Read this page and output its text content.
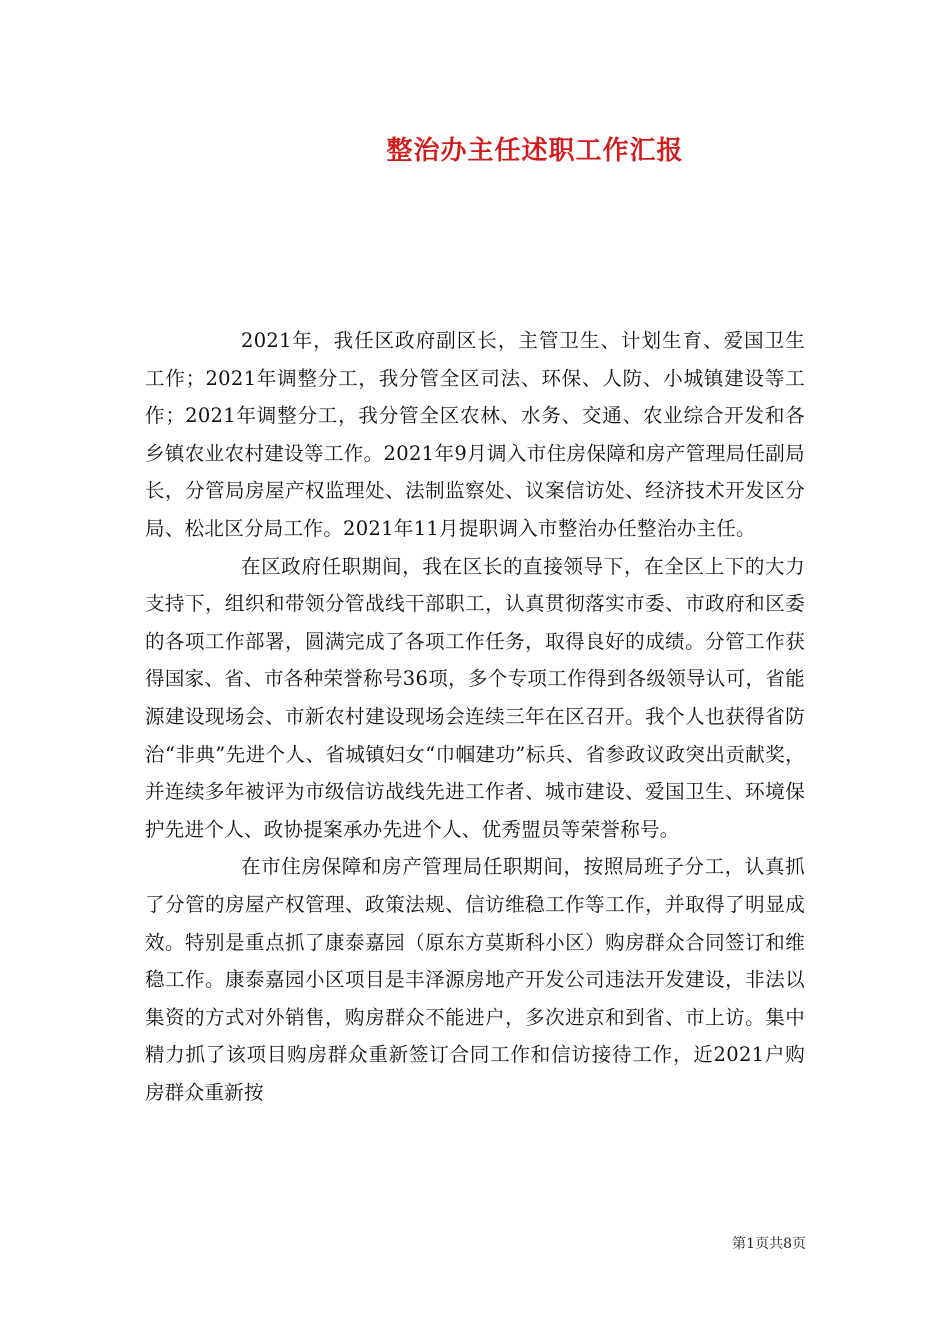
整治办主任述职工作汇报

2021年，我任区政府副区长，主管卫生、计划生育、爱国卫生工作；2021年调整分工，我分管全区司法、环保、人防、小城镇建设等工作；2021年调整分工，我分管全区农林、水务、交通、农业综合开发和各乡镇农业农村建设等工作。2021年9月调入市住房保障和房产管理局任副局长，分管局房屋产权监理处、法制监察处、议案信访处、经济技术开发区分局、松北区分局工作。2021年11月提职调入市整治办任整治办主任。

在区政府任职期间，我在区长的直接领导下，在全区上下的大力支持下，组织和带领分管战线干部职工，认真贯彻落实市委、市政府和区委的各项工作部署，圆满完成了各项工作任务，取得良好的成绩。分管工作获得国家、省、市各种荣誉称号36项，多个专项工作得到各级领导认可，省能源建设现场会、市新农村建设现场会连续三年在区召开。我个人也获得省防治“非典”先进个人、省城镇妇女“巾帼建功”标兵、省参政议政突出贡献奖，并连续多年被评为市级信访战线先进工作者、城市建设、爱国卫生、环境保护先进个人、政协提案承办先进个人、优秀盟员等荣誉称号。

在市住房保障和房产管理局任职期间，按照局班子分工，认真抓了分管的房屋产权管理、政策法规、信访维稳工作等工作，并取得了明显成效。特别是重点抓了康泰嘉园（原东方莫斯科小区）购房群众合同签订和维稳工作。康泰嘉园小区项目是丰泽源房地产开发公司违法开发建设，非法以集资的方式对外销售，购房群众不能进户，多次进京和到省、市上访。集中精力抓了该项目购房群众重新签订合同工作和信访接待工作，近2021户购房群众重新按

第1页共8页
